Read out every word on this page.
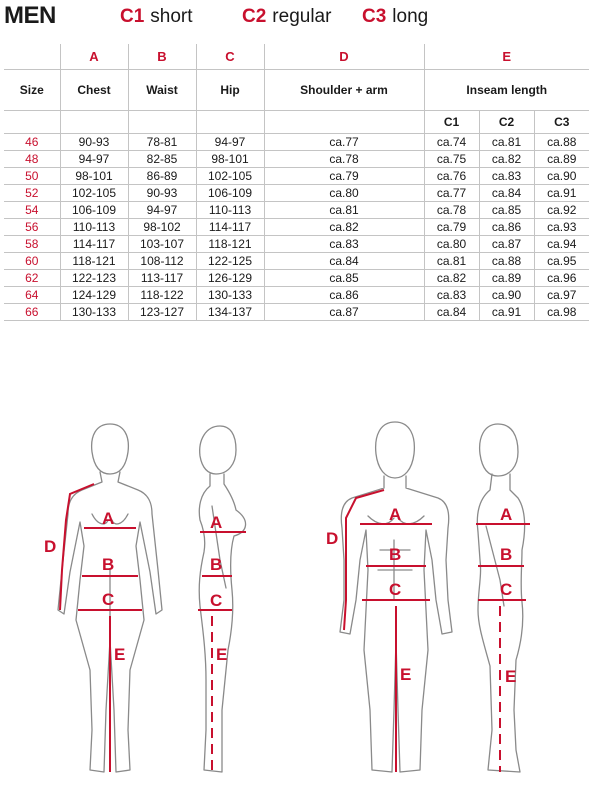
MEN	C1 short	C2 regular C3 long
	A	B	C	D	E		
Size	Chest	Waist	Hip	Shoulder + arm	Inseam length		
					C1	C2	C3
46	90-93	78-81	94-97	ca.77	ca.74	ca.81	ca.88
48	94-97	82-85	98-101	ca.78	ca.75	ca.82	ca.89
50	98-101	86-89	102-105	ca.79	ca.76	ca.83	ca.90
52	102-105	90-93	106-109	ca.80	ca.77	ca.84	ca.91
54	106-109	94-97	110-113	ca.81	ca.78	ca.85	ca.92
56	110-113	98-102	114-117	ca.82	ca.79	ca.86	ca.93
58	114-117	103-107	118-121	ca.83	ca.80	ca.87	ca.94
60	118-121	108-112	122-125	ca.84	ca.81	ca.88	ca.95
62	122-123	113-117	126-129	ca.85	ca.82	ca.89	ca.96
64	124-129	118-122	130-133	ca.86	ca.83	ca.90	ca.97
66	130-133	123-127	134-137	ca.87	ca.84	ca.91	ca.98
A
B
C
D
E
A
B
C
E
A
B
C
D
E
A
B
C
E
